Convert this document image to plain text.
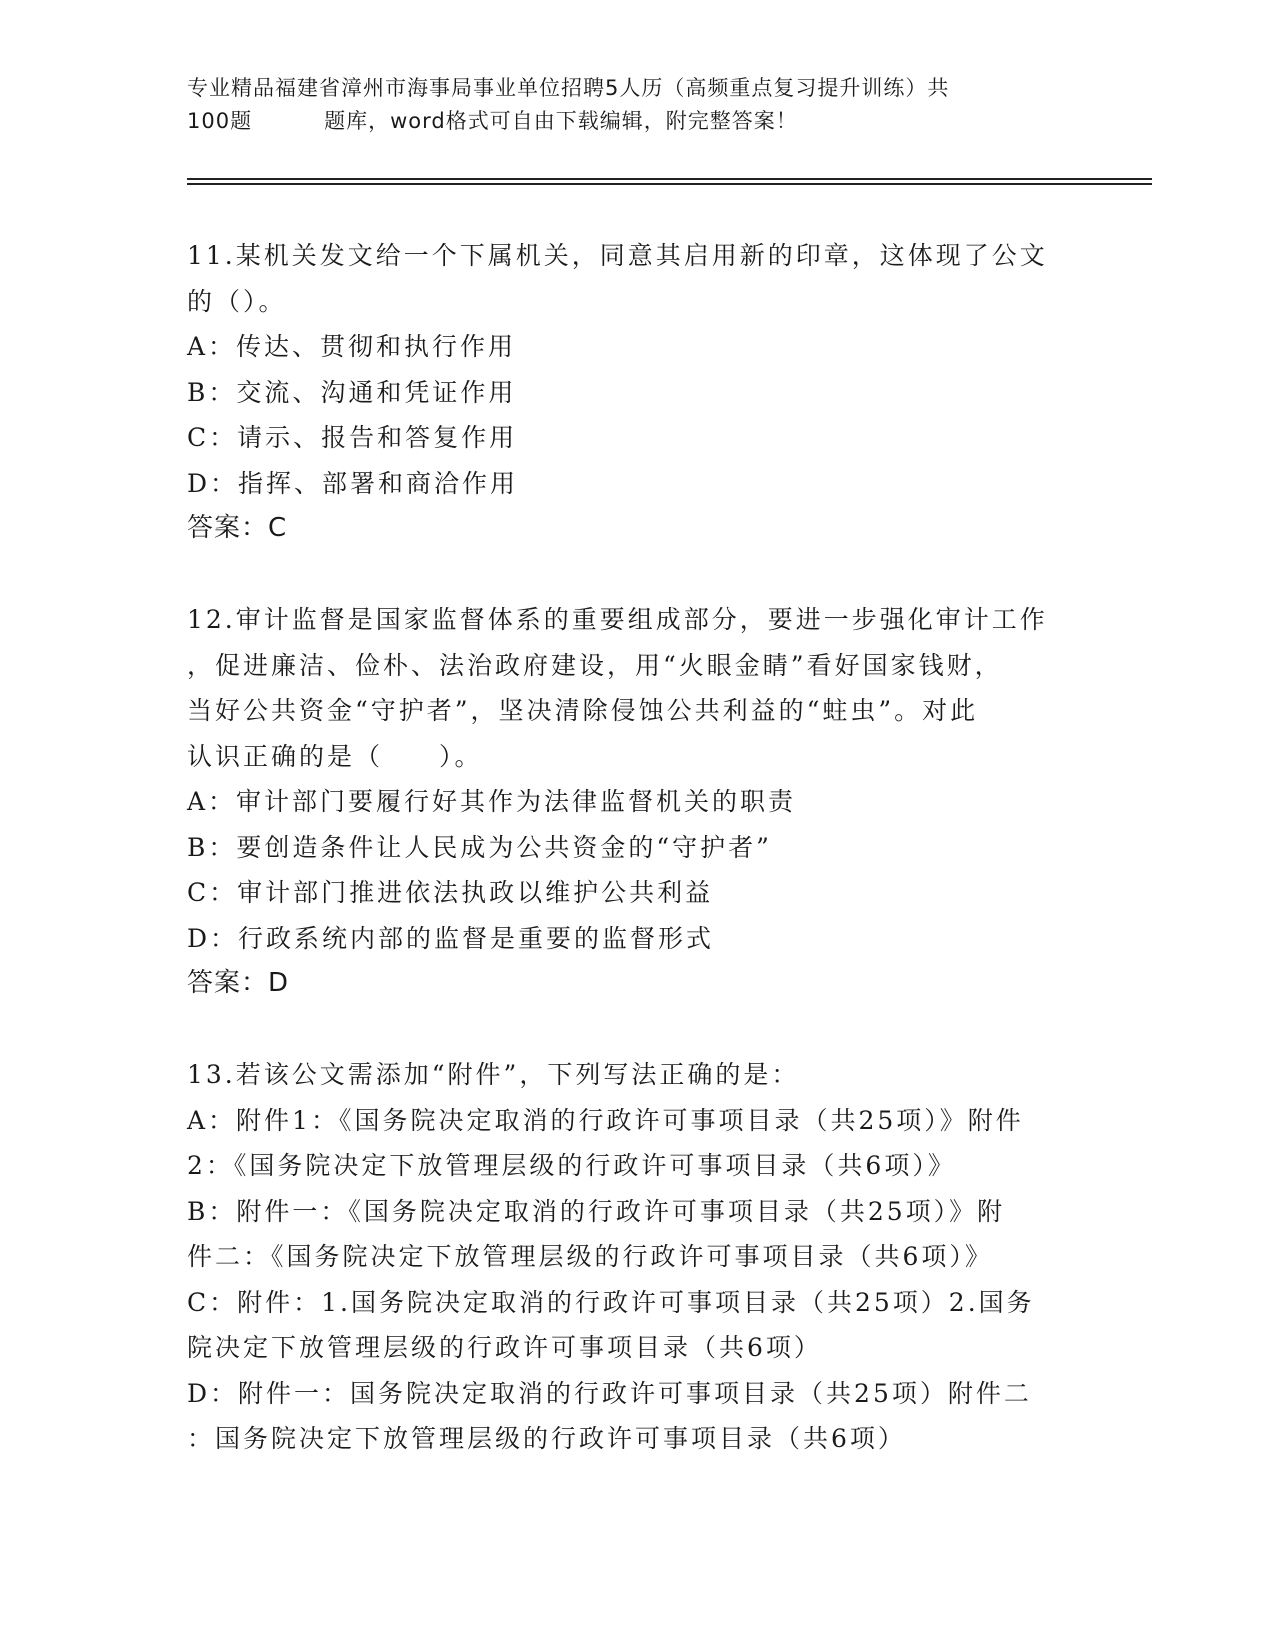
专业精品福建省漳州市海事局事业单位招聘5人历（高频重点复习提升训练）共
100题	题库，word格式可自由下载编辑，附完整答案！
11.某机关发文给一个下属机关，同意其启用新的印章，这体现了公文
的（）。
A：传达、贯彻和执行作用
B：交流、沟通和凭证作用
C：请示、报告和答复作用
D：指挥、部署和商洽作用
答案：C
12.审计监督是国家监督体系的重要组成部分，要进一步强化审计工作
，促进廉洁、俭朴、法治政府建设，用“火眼金睛”看好国家钱财，
当好公共资金“守护者”，坚决清除侵蚀公共利益的“蛀虫”。对此
认识正确的是（　　）。
A：审计部门要履行好其作为法律监督机关的职责
B：要创造条件让人民成为公共资金的“守护者”
C：审计部门推进依法执政以维护公共利益
D：行政系统内部的监督是重要的监督形式
答案：D
13.若该公文需添加“附件”，下列写法正确的是：
A：附件1：《国务院决定取消的行政许可事项目录（共25项）》附件
2：《国务院决定下放管理层级的行政许可事项目录（共6项）》
B：附件一：《国务院决定取消的行政许可事项目录（共25项）》附
件二：《国务院决定下放管理层级的行政许可事项目录（共6项）》
C：附件：1.国务院决定取消的行政许可事项目录（共25项）2.国务
院决定下放管理层级的行政许可事项目录（共6项）
D：附件一：国务院决定取消的行政许可事项目录（共25项）附件二
：国务院决定下放管理层级的行政许可事项目录（共6项）
